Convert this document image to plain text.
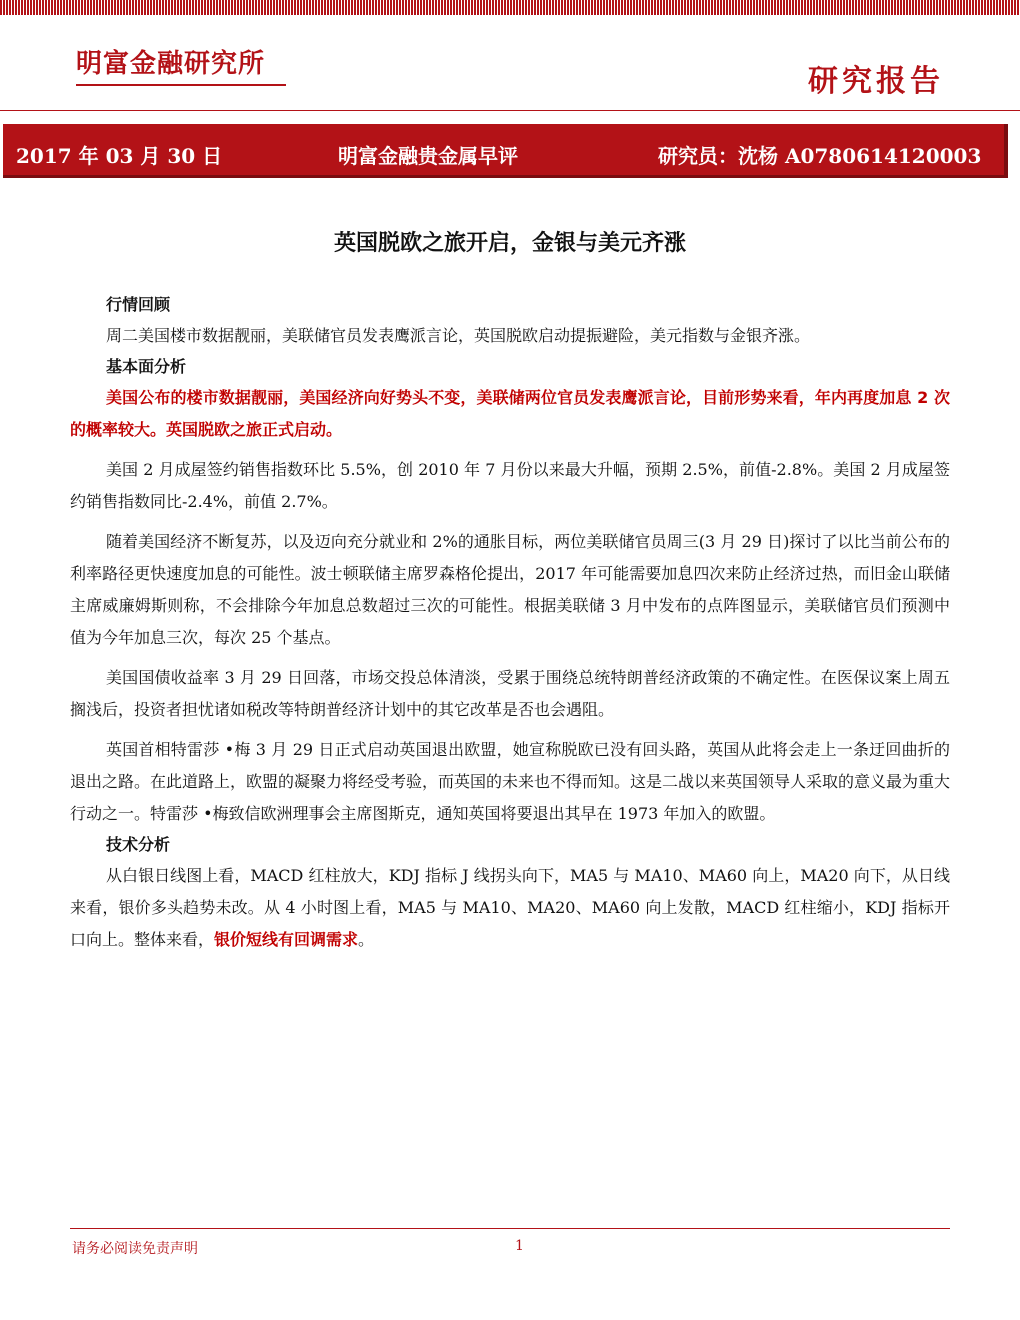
明富金融研究所
研究报告
2017 年 03 月 30 日	明富金融贵金属早评	研究员：沈杨 A0780614120003
英国脱欧之旅开启，金银与美元齐涨
行情回顾

周二美国楼市数据靓丽，美联储官员发表鹰派言论，英国脱欧启动提振避险，美元指数与金银齐涨。

基本面分析

美国公布的楼市数据靓丽，美国经济向好势头不变，美联储两位官员发表鹰派言论，目前形势来看，年内再度加息 2 次的概率较大。英国脱欧之旅正式启动。

美国 2 月成屋签约销售指数环比 5.5%，创 2010 年 7 月份以来最大升幅，预期 2.5%，前值-2.8%。美国 2 月成屋签约销售指数同比-2.4%，前值 2.7%。

随着美国经济不断复苏，以及迈向充分就业和 2%的通胀目标，两位美联储官员周三(3 月 29 日)探讨了以比当前公布的利率路径更快速度加息的可能性。波士顿联储主席罗森格伦提出，2017 年可能需要加息四次来防止经济过热，而旧金山联储主席威廉姆斯则称，不会排除今年加息总数超过三次的可能性。根据美联储 3 月中发布的点阵图显示，美联储官员们预测中值为今年加息三次，每次 25 个基点。

美国国债收益率 3 月 29 日回落，市场交投总体清淡，受累于围绕总统特朗普经济政策的不确定性。在医保议案上周五搁浅后，投资者担忧诸如税改等特朗普经济计划中的其它改革是否也会遇阻。

英国首相特雷莎 •梅 3 月 29 日正式启动英国退出欧盟，她宣称脱欧已没有回头路，英国从此将会走上一条迂回曲折的退出之路。在此道路上，欧盟的凝聚力将经受考验，而英国的未来也不得而知。这是二战以来英国领导人采取的意义最为重大行动之一。特雷莎 •梅致信欧洲理事会主席图斯克，通知英国将要退出其早在 1973 年加入的欧盟。

技术分析

从白银日线图上看，MACD 红柱放大，KDJ 指标 J 线拐头向下，MA5 与 MA10、MA60 向上，MA20 向下，从日线来看，银价多头趋势未改。从 4 小时图上看，MA5 与 MA10、MA20、MA60 向上发散，MACD 红柱缩小，KDJ 指标开口向上。整体来看，银价短线有回调需求。

请务必阅读免责声明	1
